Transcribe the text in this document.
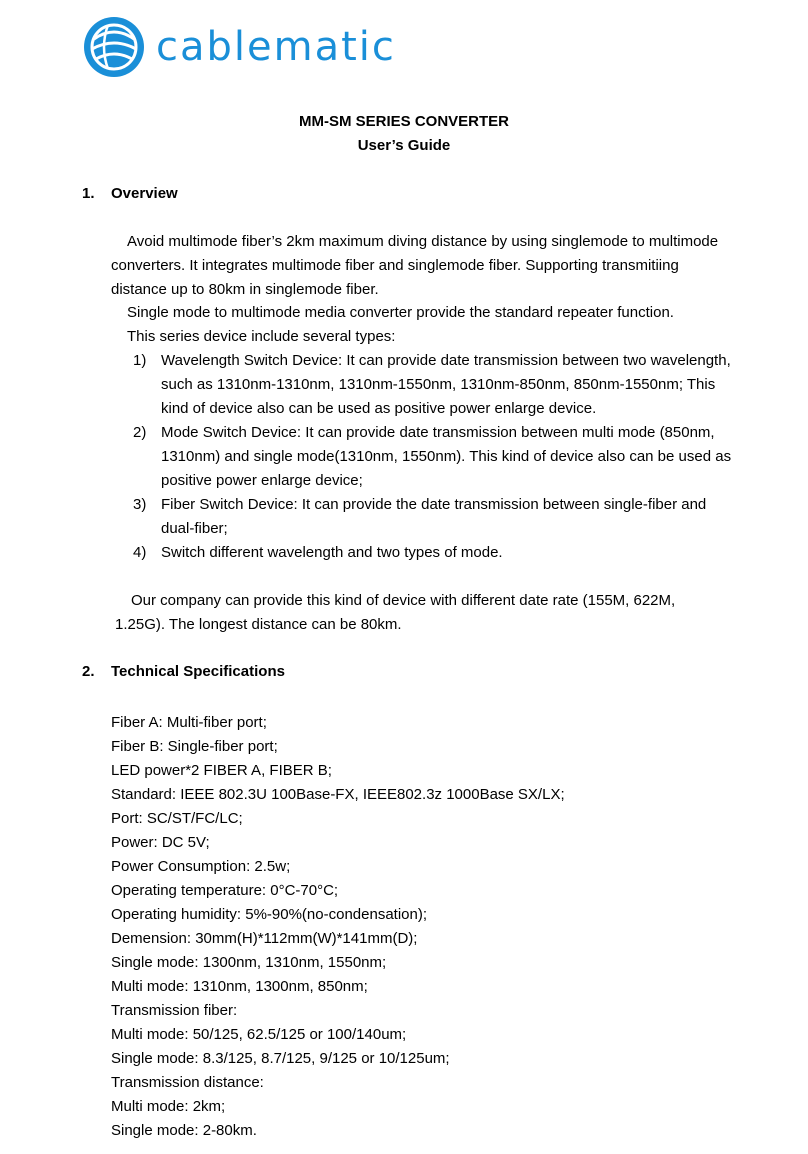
cablematic
MM-SM SERIES CONVERTER
User’s Guide
1. Overview
Avoid multimode fiber’s 2km maximum diving distance by using singlemode to multimode
converters. It integrates multimode fiber and singlemode fiber. Supporting transmitiing
distance up to 80km in singlemode fiber.
Single mode to multimode media converter provide the standard repeater function.
This series device include several types:
1) Wavelength Switch Device: It can provide date transmission between two wavelength,
such as 1310nm-1310nm, 1310nm-1550nm, 1310nm-850nm, 850nm-1550nm; This
kind of device also can be used as positive power enlarge device.
2) Mode Switch Device: It can provide date transmission between multi mode (850nm,
1310nm) and single mode(1310nm, 1550nm). This kind of device also can be used as
positive power enlarge device;
3) Fiber Switch Device: It can provide the date transmission between single-fiber and
dual-fiber;
4) Switch different wavelength and two types of mode.
Our company can provide this kind of device with different date rate (155M, 622M,
1.25G). The longest distance can be 80km.
2. Technical Specifications
Fiber A: Multi-fiber port;
Fiber B: Single-fiber port;
LED power*2 FIBER A, FIBER B;
Standard: IEEE 802.3U 100Base-FX, IEEE802.3z 1000Base SX/LX;
Port: SC/ST/FC/LC;
Power: DC 5V;
Power Consumption: 2.5w;
Operating temperature: 0°C-70°C;
Operating humidity: 5%-90%(no-condensation);
Demension: 30mm(H)*112mm(W)*141mm(D);
Single mode: 1300nm, 1310nm, 1550nm;
Multi mode: 1310nm, 1300nm, 850nm;
Transmission fiber:
Multi mode: 50/125, 62.5/125 or 100/140um;
Single mode: 8.3/125, 8.7/125, 9/125 or 10/125um;
Transmission distance:
Multi mode: 2km;
Single mode: 2-80km.
